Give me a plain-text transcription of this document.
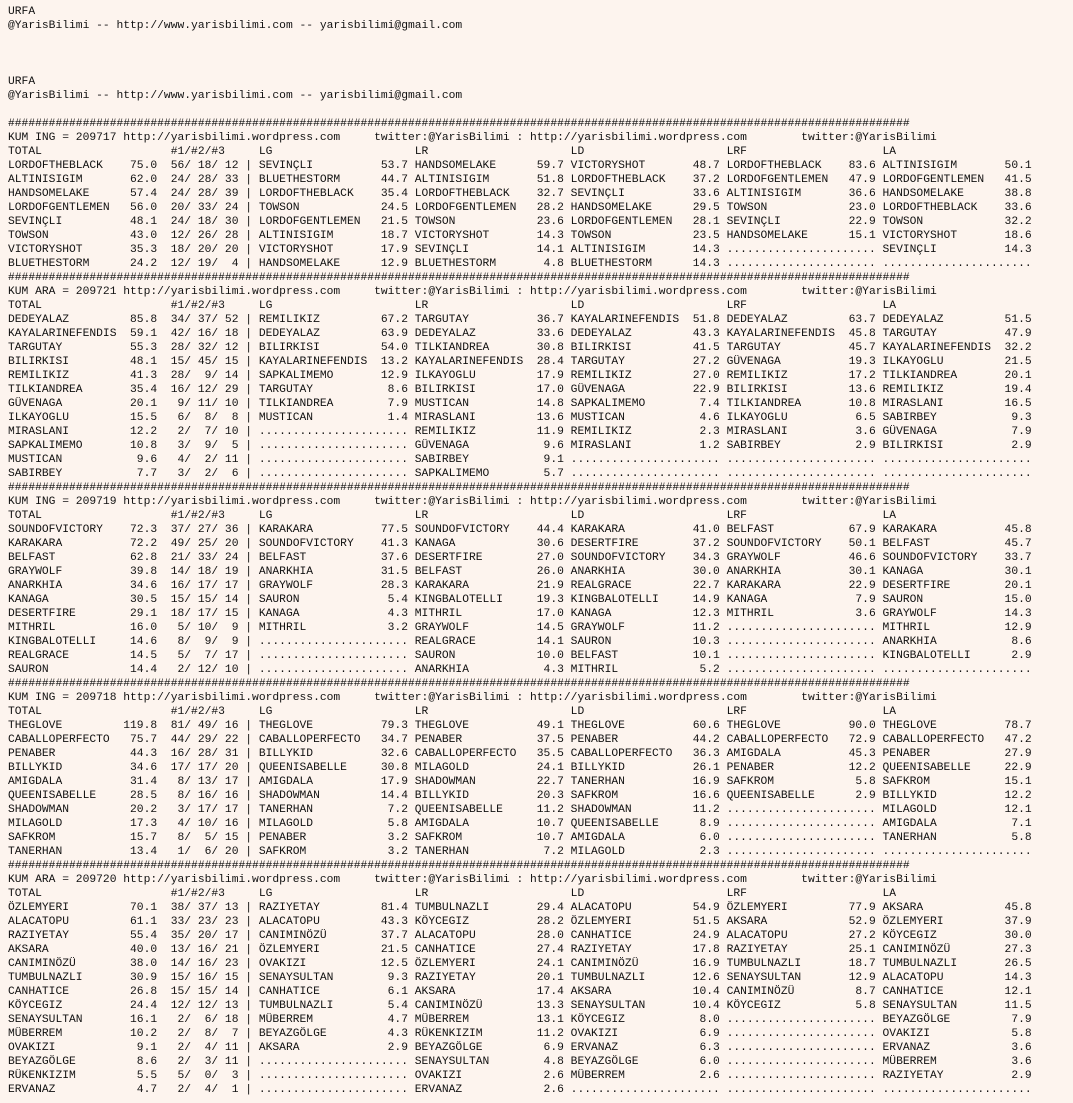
URFA
@YarisBilimi -- http://www.yarisbilimi.com -- yarisbilimi@gmail.com
URFA
@YarisBilimi -- http://www.yarisbilimi.com -- yarisbilimi@gmail.com
#####################################################################################################################################
KUM ING = 209717 http://yarisbilimi.wordpress.com     twitter:@YarisBilimi : http://yarisbilimi.wordpress.com        twitter:@YarisBilimi
TOTAL                   #1/#2/#3     LG                     LR                     LD                     LRF                    LA
LORDOFTHEBLACK    75.0  56/ 18/ 12 | SEVINÇLI          53.7 HANDSOMELAKE      59.7 VICTORYSHOT       48.7 LORDOFTHEBLACK    83.6 ALTINISIGIM       50.1
ALTINISIGIM       62.0  24/ 28/ 33 | BLUETHESTORM      44.7 ALTINISIGIM       51.8 LORDOFTHEBLACK    37.2 LORDOFGENTLEMEN   47.9 LORDOFGENTLEMEN   41.5
HANDSOMELAKE      57.4  24/ 28/ 39 | LORDOFTHEBLACK    35.4 LORDOFTHEBLACK    32.7 SEVINÇLI          33.6 ALTINISIGIM       36.6 HANDSOMELAKE      38.8
LORDOFGENTLEMEN   56.0  20/ 33/ 24 | TOWSON            24.5 LORDOFGENTLEMEN   28.2 HANDSOMELAKE      29.5 TOWSON            23.0 LORDOFTHEBLACK    33.6
SEVINÇLI          48.1  24/ 18/ 30 | LORDOFGENTLEMEN   21.5 TOWSON            23.6 LORDOFGENTLEMEN   28.1 SEVINÇLI          22.9 TOWSON            32.2
TOWSON            43.0  12/ 26/ 28 | ALTINISIGIM       18.7 VICTORYSHOT       14.3 TOWSON            23.5 HANDSOMELAKE      15.1 VICTORYSHOT       18.6
VICTORYSHOT       35.3  18/ 20/ 20 | VICTORYSHOT       17.9 SEVINÇLI          14.1 ALTINISIGIM       14.3 ...................... SEVINÇLI          14.3
BLUETHESTORM      24.2  12/ 19/  4 | HANDSOMELAKE      12.9 BLUETHESTORM       4.8 BLUETHESTORM      14.3 ...................... ......................
#####################################################################################################################################
KUM ARA = 209721 http://yarisbilimi.wordpress.com     twitter:@YarisBilimi : http://yarisbilimi.wordpress.com        twitter:@YarisBilimi
TOTAL                   #1/#2/#3     LG                     LR                     LD                     LRF                    LA
DEDEYALAZ         85.8  34/ 37/ 52 | REMILIKIZ         67.2 TARGUTAY          36.7 KAYALARINEFENDIS  51.8 DEDEYALAZ         63.7 DEDEYALAZ         51.5
KAYALARINEFENDIS  59.1  42/ 16/ 18 | DEDEYALAZ         63.9 DEDEYALAZ         33.6 DEDEYALAZ         43.3 KAYALARINEFENDIS  45.8 TARGUTAY          47.9
TARGUTAY          55.3  28/ 32/ 12 | BILIRKISI         54.0 TILKIANDREA       30.8 BILIRKISI         41.5 TARGUTAY          45.7 KAYALARINEFENDIS  32.2
BILIRKISI         48.1  15/ 45/ 15 | KAYALARINEFENDIS  13.2 KAYALARINEFENDIS  28.4 TARGUTAY          27.2 GÜVENAGA          19.3 ILKAYOGLU         21.5
REMILIKIZ         41.3  28/  9/ 14 | SAPKALIMEMO       12.9 ILKAYOGLU         17.9 REMILIKIZ         27.0 REMILIKIZ         17.2 TILKIANDREA       20.1
TILKIANDREA       35.4  16/ 12/ 29 | TARGUTAY           8.6 BILIRKISI         17.0 GÜVENAGA          22.9 BILIRKISI         13.6 REMILIKIZ         19.4
GÜVENAGA          20.1   9/ 11/ 10 | TILKIANDREA        7.9 MUSTICAN          14.8 SAPKALIMEMO        7.4 TILKIANDREA       10.8 MIRASLANI         16.5
ILKAYOGLU         15.5   6/  8/  8 | MUSTICAN           1.4 MIRASLANI         13.6 MUSTICAN           4.6 ILKAYOGLU          6.5 SABIRBEY           9.3
MIRASLANI         12.2   2/  7/ 10 | ...................... REMILIKIZ         11.9 REMILIKIZ          2.3 MIRASLANI          3.6 GÜVENAGA           7.9
SAPKALIMEMO       10.8   3/  9/  5 | ...................... GÜVENAGA           9.6 MIRASLANI          1.2 SABIRBEY           2.9 BILIRKISI          2.9
MUSTICAN           9.6   4/  2/ 11 | ...................... SABIRBEY           9.1 ...................... ...................... ......................
SABIRBEY           7.7   3/  2/  6 | ...................... SAPKALIMEMO        5.7 ...................... ...................... ......................
#####################################################################################################################################
KUM ING = 209719 http://yarisbilimi.wordpress.com     twitter:@YarisBilimi : http://yarisbilimi.wordpress.com        twitter:@YarisBilimi
TOTAL                   #1/#2/#3     LG                     LR                     LD                     LRF                    LA
SOUNDOFVICTORY    72.3  37/ 27/ 36 | KARAKARA          77.5 SOUNDOFVICTORY    44.4 KARAKARA          41.0 BELFAST           67.9 KARAKARA          45.8
KARAKARA          72.2  49/ 25/ 20 | SOUNDOFVICTORY    41.3 KANAGA            30.6 DESERTFIRE        37.2 SOUNDOFVICTORY    50.1 BELFAST           45.7
BELFAST           62.8  21/ 33/ 24 | BELFAST           37.6 DESERTFIRE        27.0 SOUNDOFVICTORY    34.3 GRAYWOLF          46.6 SOUNDOFVICTORY    33.7
GRAYWOLF          39.8  14/ 18/ 19 | ANARKHIA          31.5 BELFAST           26.0 ANARKHIA          30.0 ANARKHIA          30.1 KANAGA            30.1
ANARKHIA          34.6  16/ 17/ 17 | GRAYWOLF          28.3 KARAKARA          21.9 REALGRACE         22.7 KARAKARA          22.9 DESERTFIRE        20.1
KANAGA            30.5  15/ 15/ 14 | SAURON             5.4 KINGBALOTELLI     19.3 KINGBALOTELLI     14.9 KANAGA             7.9 SAURON            15.0
DESERTFIRE        29.1  18/ 17/ 15 | KANAGA             4.3 MITHRIL           17.0 KANAGA            12.3 MITHRIL            3.6 GRAYWOLF          14.3
MITHRIL           16.0   5/ 10/  9 | MITHRIL            3.2 GRAYWOLF          14.5 GRAYWOLF          11.2 ...................... MITHRIL           12.9
KINGBALOTELLI     14.6   8/  9/  9 | ...................... REALGRACE         14.1 SAURON            10.3 ...................... ANARKHIA           8.6
REALGRACE         14.5   5/  7/ 17 | ...................... SAURON            10.0 BELFAST           10.1 ...................... KINGBALOTELLI      2.9
SAURON            14.4   2/ 12/ 10 | ...................... ANARKHIA           4.3 MITHRIL            5.2 ...................... ......................
#####################################################################################################################################
KUM ING = 209718 http://yarisbilimi.wordpress.com     twitter:@YarisBilimi : http://yarisbilimi.wordpress.com        twitter:@YarisBilimi
TOTAL                   #1/#2/#3     LG                     LR                     LD                     LRF                    LA
THEGLOVE         119.8  81/ 49/ 16 | THEGLOVE          79.3 THEGLOVE          49.1 THEGLOVE          60.6 THEGLOVE          90.0 THEGLOVE          78.7
CABALLOPERFECTO   75.7  44/ 29/ 22 | CABALLOPERFECTO   34.7 PENABER           37.5 PENABER           44.2 CABALLOPERFECTO   72.9 CABALLOPERFECTO   47.2
PENABER           44.3  16/ 28/ 31 | BILLYKID          32.6 CABALLOPERFECTO   35.5 CABALLOPERFECTO   36.3 AMIGDALA          45.3 PENABER           27.9
BILLYKID          34.6  17/ 17/ 20 | QUEENISABELLE     30.8 MILAGOLD          24.1 BILLYKID          26.1 PENABER           12.2 QUEENISABELLE     22.9
AMIGDALA          31.4   8/ 13/ 17 | AMIGDALA          17.9 SHADOWMAN         22.7 TANERHAN          16.9 SAFKROM            5.8 SAFKROM           15.1
QUEENISABELLE     28.5   8/ 16/ 16 | SHADOWMAN         14.4 BILLYKID          20.3 SAFKROM           16.6 QUEENISABELLE      2.9 BILLYKID          12.2
SHADOWMAN         20.2   3/ 17/ 17 | TANERHAN           7.2 QUEENISABELLE     11.2 SHADOWMAN         11.2 ...................... MILAGOLD          12.1
MILAGOLD          17.3   4/ 10/ 16 | MILAGOLD           5.8 AMIGDALA          10.7 QUEENISABELLE      8.9 ...................... AMIGDALA           7.1
SAFKROM           15.7   8/  5/ 15 | PENABER            3.2 SAFKROM           10.7 AMIGDALA           6.0 ...................... TANERHAN           5.8
TANERHAN          13.4   1/  6/ 20 | SAFKROM            3.2 TANERHAN           7.2 MILAGOLD           2.3 ...................... ......................
#####################################################################################################################################
KUM ARA = 209720 http://yarisbilimi.wordpress.com     twitter:@YarisBilimi : http://yarisbilimi.wordpress.com        twitter:@YarisBilimi
TOTAL                   #1/#2/#3     LG                     LR                     LD                     LRF                    LA
ÖZLEMYERI         70.1  38/ 37/ 13 | RAZIYETAY         81.4 TUMBULNAZLI       29.4 ALACATOPU         54.9 ÖZLEMYERI         77.9 AKSARA            45.8
ALACATOPU         61.1  33/ 23/ 23 | ALACATOPU         43.3 KÖYCEGIZ          28.2 ÖZLEMYERI         51.5 AKSARA            52.9 ÖZLEMYERI         37.9
RAZIYETAY         55.4  35/ 20/ 17 | CANIMINÖZÜ        37.7 ALACATOPU         28.0 CANHATICE         24.9 ALACATOPU         27.2 KÖYCEGIZ          30.0
AKSARA            40.0  13/ 16/ 21 | ÖZLEMYERI         21.5 CANHATICE         27.4 RAZIYETAY         17.8 RAZIYETAY         25.1 CANIMINÖZÜ        27.3
CANIMINÖZÜ        38.0  14/ 16/ 23 | OVAKIZI           12.5 ÖZLEMYERI         24.1 CANIMINÖZÜ        16.9 TUMBULNAZLI       18.7 TUMBULNAZLI       26.5
TUMBULNAZLI       30.9  15/ 16/ 15 | SENAYSULTAN        9.3 RAZIYETAY         20.1 TUMBULNAZLI       12.6 SENAYSULTAN       12.9 ALACATOPU         14.3
CANHATICE         26.8  15/ 15/ 14 | CANHATICE          6.1 AKSARA            17.4 AKSARA            10.4 CANIMINÖZÜ         8.7 CANHATICE         12.1
KÖYCEGIZ          24.4  12/ 12/ 13 | TUMBULNAZLI        5.4 CANIMINÖZÜ        13.3 SENAYSULTAN       10.4 KÖYCEGIZ           5.8 SENAYSULTAN       11.5
SENAYSULTAN       16.1   2/  6/ 18 | MÜBERREM           4.7 MÜBERREM          13.1 KÖYCEGIZ           8.0 ...................... BEYAZGÖLGE         7.9
MÜBERREM          10.2   2/  8/  7 | BEYAZGÖLGE         4.3 RÜKENKIZIM        11.2 OVAKIZI            6.9 ...................... OVAKIZI            5.8
OVAKIZI            9.1   2/  4/ 11 | AKSARA             2.9 BEYAZGÖLGE         6.9 ERVANAZ            6.3 ...................... ERVANAZ            3.6
BEYAZGÖLGE         8.6   2/  3/ 11 | ...................... SENAYSULTAN        4.8 BEYAZGÖLGE         6.0 ...................... MÜBERREM           3.6
RÜKENKIZIM         5.5   5/  0/  3 | ...................... OVAKIZI            2.6 MÜBERREM           2.6 ...................... RAZIYETAY          2.9
ERVANAZ            4.7   2/  4/  1 | ...................... ERVANAZ            2.6 ...................... ...................... ......................
